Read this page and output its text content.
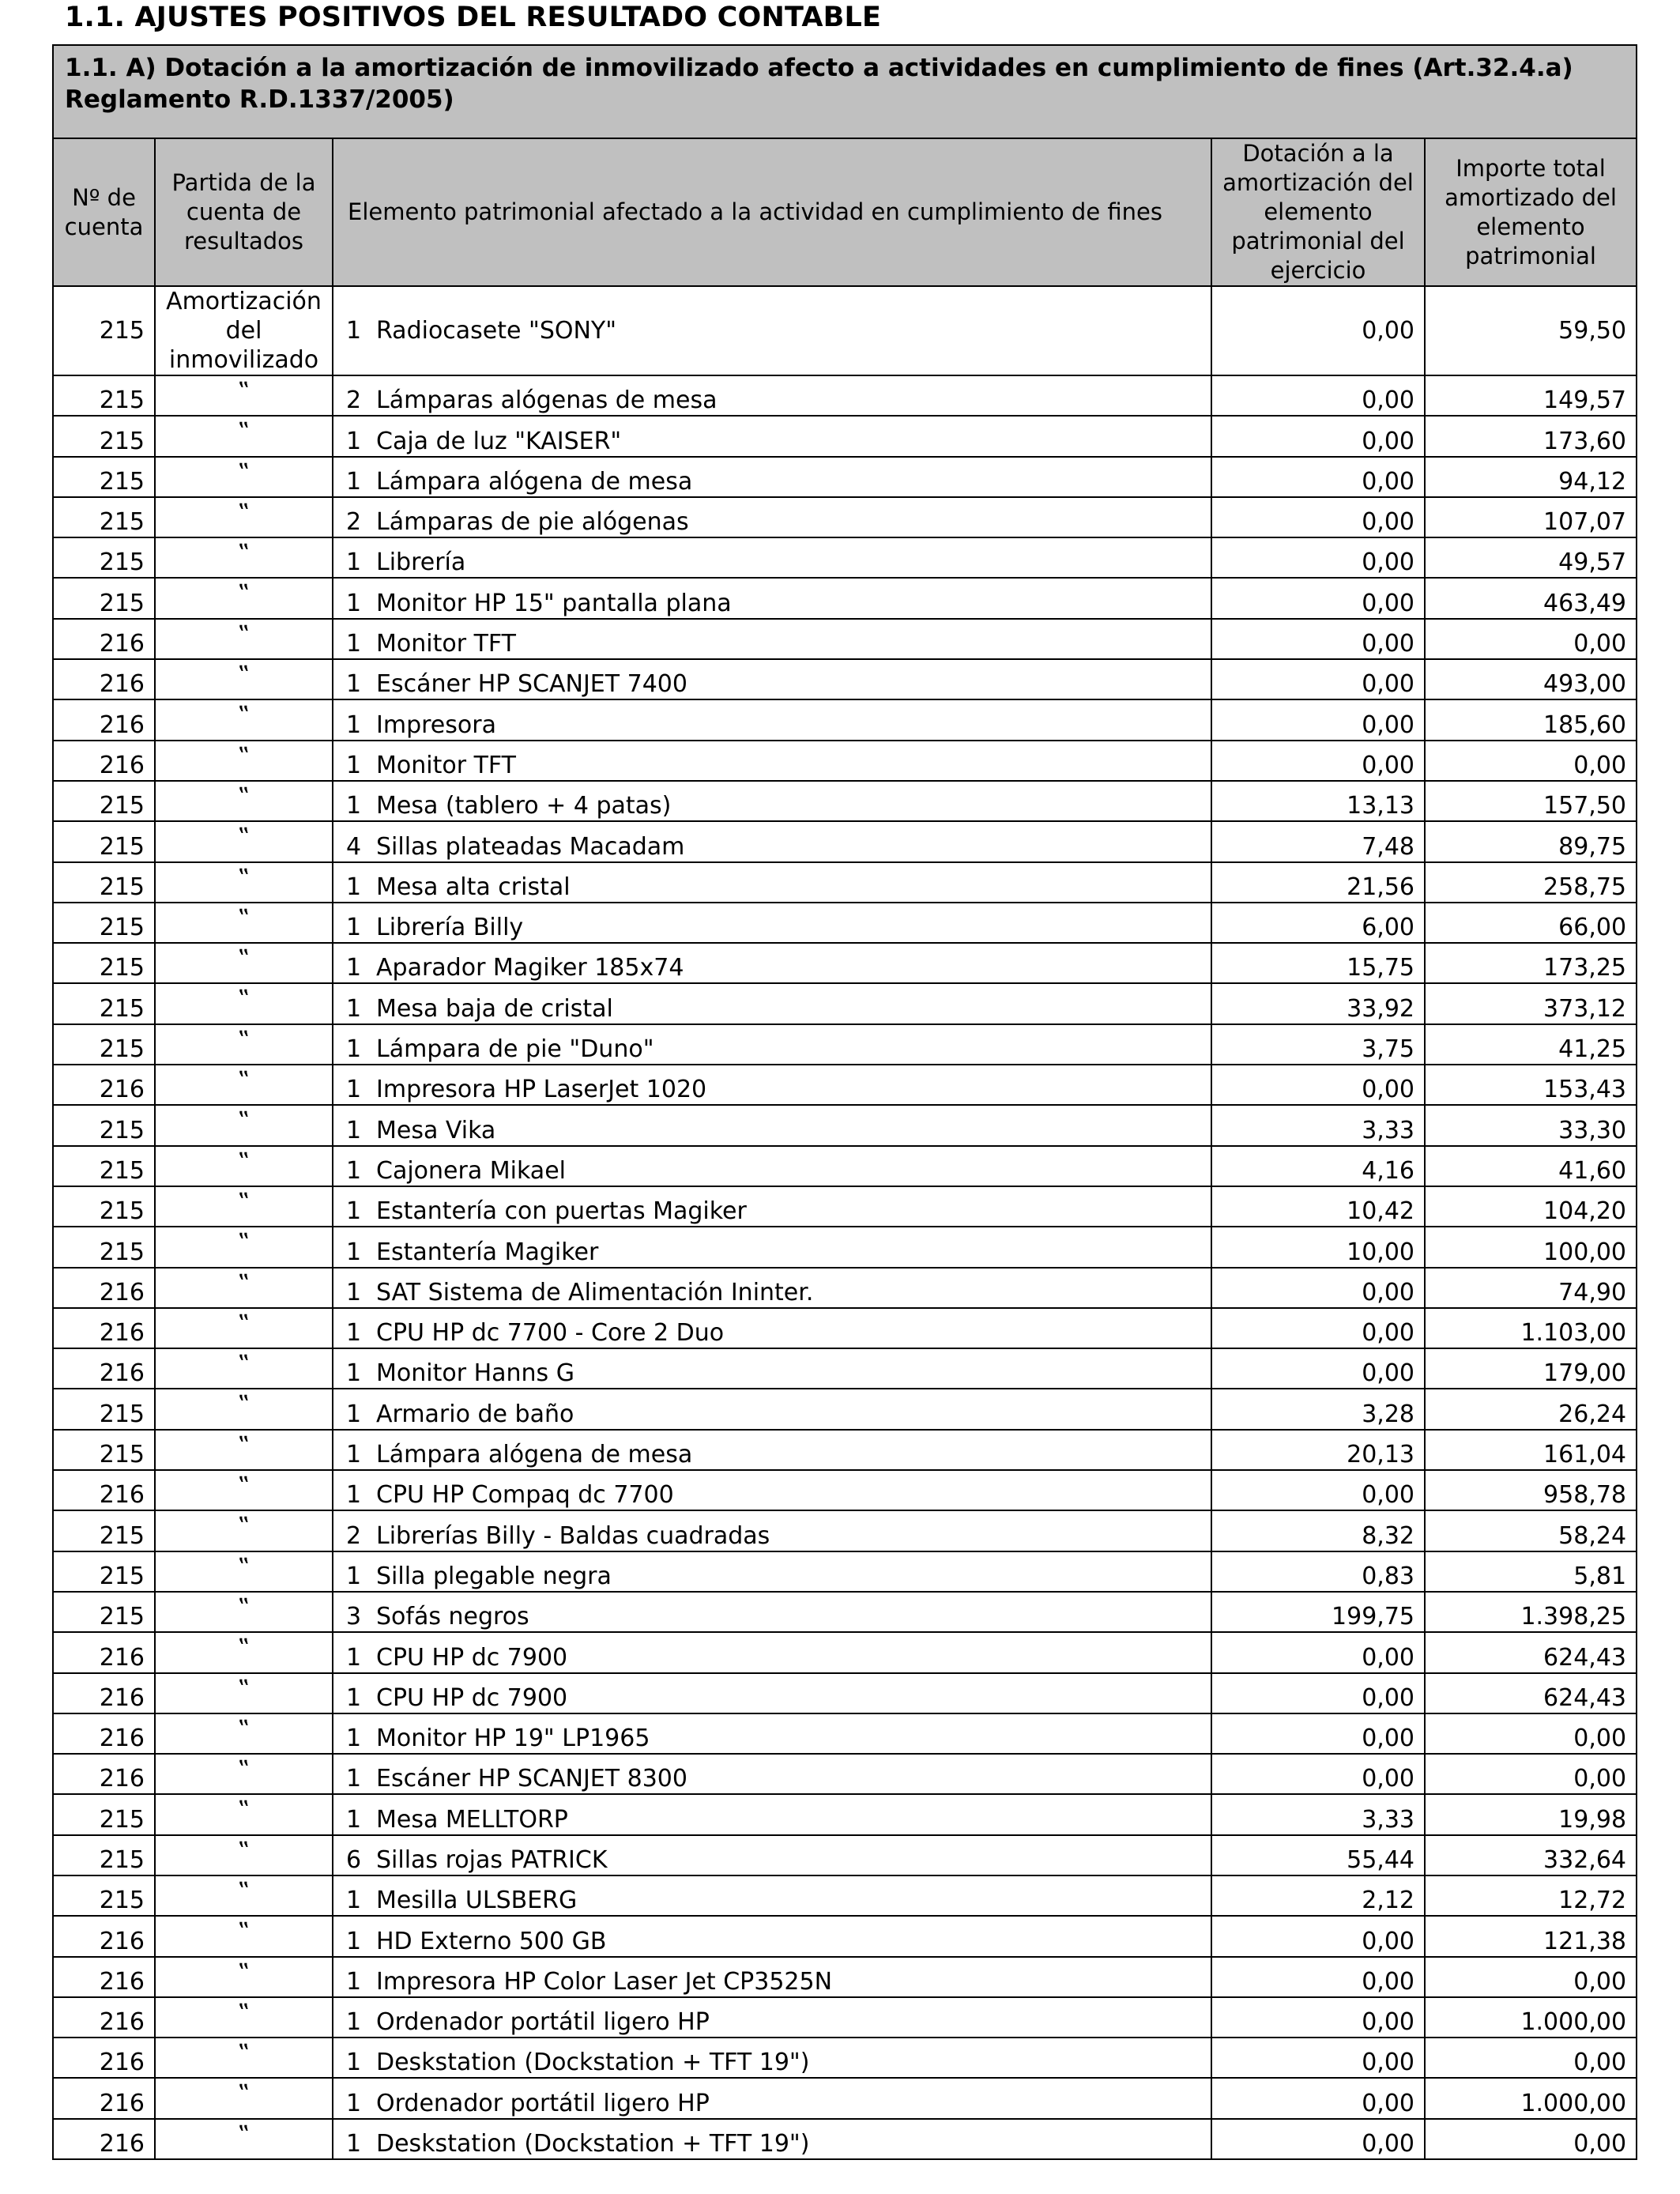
1.1. AJUSTES POSITIVOS DEL RESULTADO CONTABLE
1.1. A) Dotación a la amortización de inmovilizado afecto a actividades en cumplimiento de fines (Art.32.4.a) Reglamento R.D.1337/2005)				
Nº de cuenta	Partida de la cuenta de resultados	Elemento patrimonial afectado a la actividad en cumplimiento de fines	Dotación a la amortización del elemento patrimonial del ejercicio	Importe total amortizado del elemento patrimonial
215	Amortización del inmovilizado	1 Radiocasete "SONY"	0,00	59,50
215	‟	2 Lámparas alógenas de mesa	0,00	149,57
215	‟	1 Caja de luz "KAISER"	0,00	173,60
215	‟	1 Lámpara alógena de mesa	0,00	94,12
215	‟	2 Lámparas de pie alógenas	0,00	107,07
215	‟	1 Librería	0,00	49,57
215	‟	1 Monitor HP 15" pantalla plana	0,00	463,49
216	‟	1 Monitor TFT	0,00	0,00
216	‟	1 Escáner HP SCANJET 7400	0,00	493,00
216	‟	1 Impresora	0,00	185,60
216	‟	1 Monitor TFT	0,00	0,00
215	‟	1 Mesa (tablero + 4 patas)	13,13	157,50
215	‟	4 Sillas plateadas Macadam	7,48	89,75
215	‟	1 Mesa alta cristal	21,56	258,75
215	‟	1 Librería Billy	6,00	66,00
215	‟	1 Aparador Magiker 185x74	15,75	173,25
215	‟	1 Mesa baja de cristal	33,92	373,12
215	‟	1 Lámpara de pie "Duno"	3,75	41,25
216	‟	1 Impresora HP LaserJet 1020	0,00	153,43
215	‟	1 Mesa Vika	3,33	33,30
215	‟	1 Cajonera Mikael	4,16	41,60
215	‟	1 Estantería con puertas Magiker	10,42	104,20
215	‟	1 Estantería Magiker	10,00	100,00
216	‟	1 SAT Sistema de Alimentación Ininter.	0,00	74,90
216	‟	1 CPU HP dc 7700 - Core 2 Duo	0,00	1.103,00
216	‟	1 Monitor Hanns G	0,00	179,00
215	‟	1 Armario de baño	3,28	26,24
215	‟	1 Lámpara alógena de mesa	20,13	161,04
216	‟	1 CPU HP Compaq dc 7700	0,00	958,78
215	‟	2 Librerías Billy - Baldas cuadradas	8,32	58,24
215	‟	1 Silla plegable negra	0,83	5,81
215	‟	3 Sofás negros	199,75	1.398,25
216	‟	1 CPU HP dc 7900	0,00	624,43
216	‟	1 CPU HP dc 7900	0,00	624,43
216	‟	1 Monitor HP 19" LP1965	0,00	0,00
216	‟	1 Escáner HP SCANJET 8300	0,00	0,00
215	‟	1 Mesa MELLTORP	3,33	19,98
215	‟	6 Sillas rojas PATRICK	55,44	332,64
215	‟	1 Mesilla ULSBERG	2,12	12,72
216	‟	1 HD Externo 500 GB	0,00	121,38
216	‟	1 Impresora HP Color Laser Jet CP3525N	0,00	0,00
216	‟	1 Ordenador portátil ligero HP	0,00	1.000,00
216	‟	1 Deskstation (Dockstation + TFT 19")	0,00	0,00
216	‟	1 Ordenador portátil ligero HP	0,00	1.000,00
216	‟	1 Deskstation (Dockstation + TFT 19")	0,00	0,00
